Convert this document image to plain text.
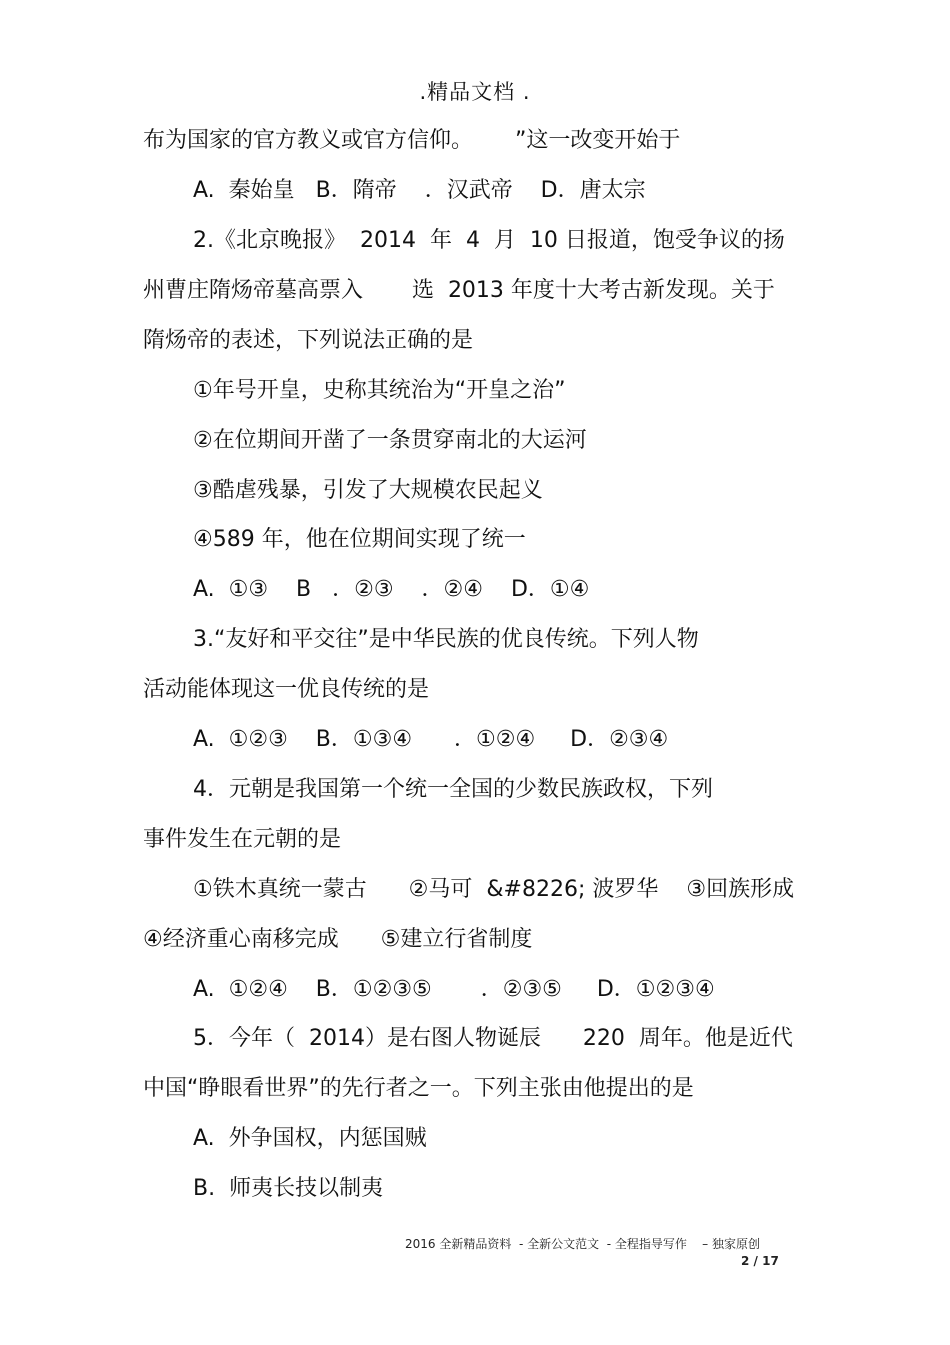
.精品文档 .
布为国家的官方教义或官方信仰。      ”这一改变开始于
A.  秦始皇   B．隋帝    ．汉武帝    D．唐太宗
2.《北京晚报》  2014  年  4  月  10 日报道，饱受争议的扬
州曹庄隋炀帝墓高票入       选  2013 年度十大考古新发现。关于
隋炀帝的表述，下列说法正确的是
①年号开皇，史称其统治为“开皇之治”
②在位期间开凿了一条贯穿南北的大运河
③酷虐残暴，引发了大规模农民起义
④589 年，他在位期间实现了统一
A.  ①③    B   ．②③    ．②④    D．①④
3.“友好和平交往”是中华民族的优良传统。下列人物
活动能体现这一优良传统的是
A.  ①②③    B．①③④      ．①②④     D．②③④
4．元朝是我国第一个统一全国的少数民族政权，下列
事件发生在元朝的是
①铁木真统一蒙古      ②马可  &#8226; 波罗华    ③回族形成
④经济重心南移完成      ⑤建立行省制度
A.  ①②④    B．①②③⑤       ．②③⑤     D．①②③④
5．今年（  2014）是右图人物诞辰      220  周年。他是近代
中国“睁眼看世界”的先行者之一。下列主张由他提出的是
A.  外争国权，内惩国贼
B.  师夷长技以制夷
2016 全新精品资料  - 全新公文范文  - 全程指导写作    – 独家原创
2 / 17
